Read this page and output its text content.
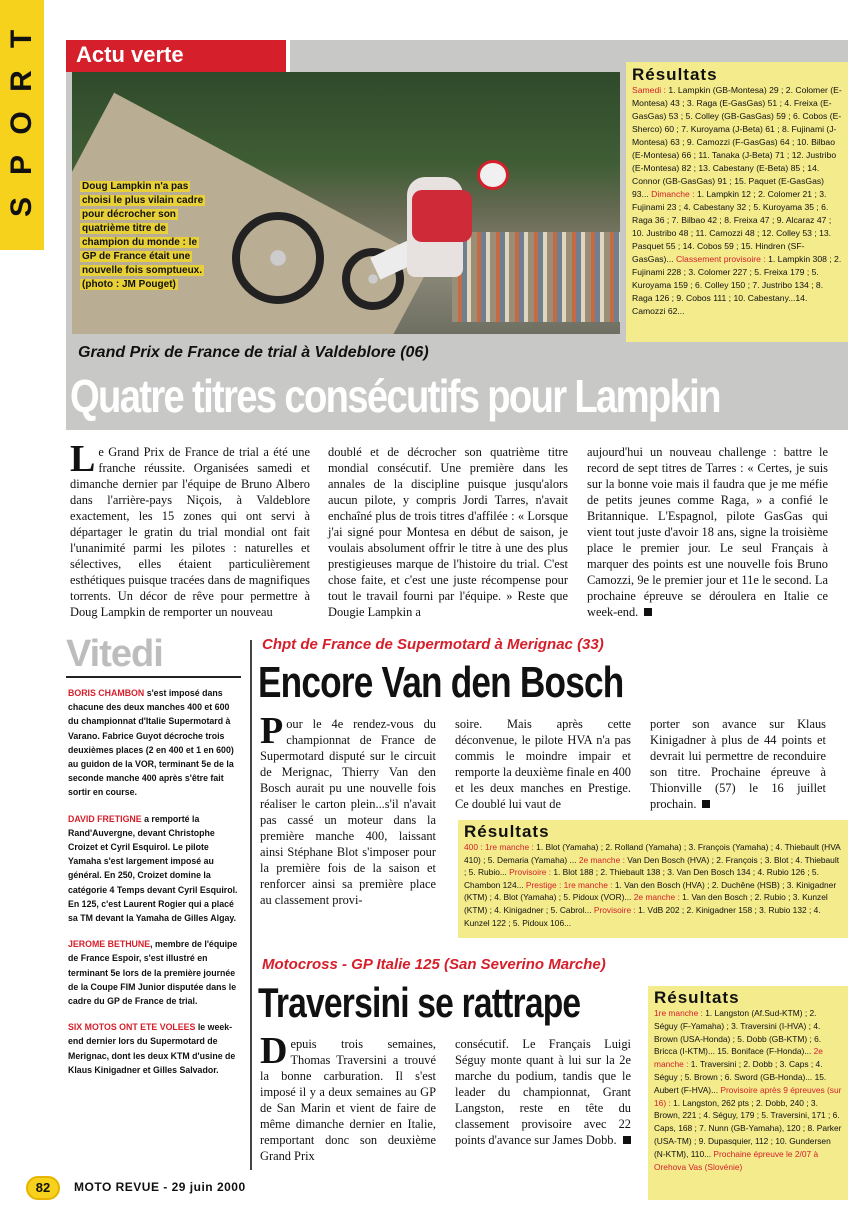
T
R
O
P
S
Actu verte
Doug Lampkin n'a pas choisi le plus vilain cadre pour décrocher son quatrième titre de champion du monde : le GP de France était une nouvelle fois somptueux. (photo : JM Pouget)
Résultats
Samedi : 1. Lampkin (GB-Montesa) 29 ; 2. Colomer (E-Montesa) 43 ; 3. Raga (E-GasGas) 51 ; 4. Freixa (E-GasGas) 53 ; 5. Colley (GB-GasGas) 59 ; 6. Cobos (E-Sherco) 60 ; 7. Kuroyama (J-Beta) 61 ; 8. Fujinami (J-Montesa) 63 ; 9. Camozzi (F-GasGas) 64 ; 10. Bilbao (E-Montesa) 66 ; 11. Tanaka (J-Beta) 71 ; 12. Justribo (E-Montesa) 82 ; 13. Cabestany (E-Beta) 85 ; 14. Connor (GB-GasGas) 91 ; 15. Paquet (E-GasGas) 93... Dimanche : 1. Lampkin 12 ; 2. Colomer 21 ; 3. Fujinami 23 ; 4. Cabestany 32 ; 5. Kuroyama 35 ; 6. Raga 36 ; 7. Bilbao 42 ; 8. Freixa 47 ; 9. Alcaraz 47 ; 10. Justribo 48 ; 11. Camozzi 48 ; 12. Colley 53 ; 13. Pasquet 55 ; 14. Cobos 59 ; 15. Hindren (SF-GasGas)... Classement provisoire : 1. Lampkin 308 ; 2. Fujinami 228 ; 3. Colomer 227 ; 5. Freixa 179 ; 5. Kuroyama 159 ; 6. Colley 150 ; 7. Justribo 134 ; 8. Raga 126 ; 9. Cobos 111 ; 10. Cabestany...14. Camozzi 62...
Grand Prix de France de trial à Valdeblore (06)
Quatre titres consécutifs pour Lampkin
Le Grand Prix de France de trial a été une franche réussite. Organisées samedi et dimanche dernier par l'équipe de Bruno Albero dans l'arrière-pays Niçois, à Valdeblore exactement, les 15 zones qui ont servi à départager le gratin du trial mondial ont fait l'unanimité parmi les pilotes : naturelles et sélectives, elles étaient particulièrement esthétiques puisque tracées dans de magnifiques torrents. Un décor de rêve pour permettre à Doug Lampkin de remporter un nouveau
doublé et de décrocher son quatrième titre mondial consécutif. Une première dans les annales de la discipline puisque jusqu'alors aucun pilote, y compris Jordi Tarres, n'avait enchaîné plus de trois titres d'affilée : « Lorsque j'ai signé pour Montesa en début de saison, je voulais absolument offrir le titre à une des plus prestigieuses marque de l'histoire du trial. C'est chose faite, et c'est une juste récompense pour tout le travail fourni par l'équipe. » Reste que Dougie Lampkin a
aujourd'hui un nouveau challenge : battre le record de sept titres de Tarres : « Certes, je suis sur la bonne voie mais il faudra que je me méfie de petits jeunes comme Raga, » a confié le Britannique. L'Espagnol, pilote GasGas qui vient tout juste d'avoir 18 ans, signe la troisième place le premier jour. Le seul Français à marquer des points est une nouvelle fois Bruno Camozzi, 9e le premier jour et 11e le second. La prochaine épreuve se déroulera en Italie ce week-end.
Vitedi

BORIS CHAMBON s'est imposé dans chacune des deux manches 400 et 600 du championnat d'Italie Supermotard à Varano. Fabrice Guyot décroche trois deuxièmes places (2 en 400 et 1 en 600) au guidon de la VOR, terminant 5e de la seconde manche 400 après s'être fait sortir en course.

DAVID FRETIGNE a remporté la Rand'Auvergne, devant Christophe Croizet et Cyril Esquirol. Le pilote Yamaha s'est largement imposé au général. En 250, Croizet domine la catégorie 4 Temps devant Cyril Esquirol. En 125, c'est Laurent Rogier qui a placé sa TM devant la Yamaha de Gilles Algay.

JEROME BETHUNE, membre de l'équipe de France Espoir, s'est illustré en terminant 5e lors de la première journée de la Coupe FIM Junior disputée dans le cadre du GP de France de trial.

SIX MOTOS ONT ETE VOLEES le week-end dernier lors du Supermotard de Merignac, dont les deux KTM d'usine de Klaus Kinigadner et Gilles Salvador.

Chpt de France de Supermotard à Merignac (33)
Encore Van den Bosch
Pour le 4e rendez-vous du championnat de France de Supermotard disputé sur le circuit de Merignac, Thierry Van den Bosch aurait pu une nouvelle fois réaliser le carton plein...s'il n'avait pas cassé un moteur dans la première manche 400, laissant ainsi Stéphane Blot s'imposer pour la première fois de la saison et renforcer ainsi sa première place au classement provi-
soire. Mais après cette déconvenue, le pilote HVA n'a pas commis le moindre impair et remporte la deuxième finale en 400 et les deux manches en Prestige. Ce doublé lui vaut de
porter son avance sur Klaus Kinigadner à plus de 44 points et devrait lui permettre de reconduire son titre. Prochaine épreuve à Thionville (57) le 16 juillet prochain.
Résultats
400 : 1re manche : 1. Blot (Yamaha) ; 2. Rolland (Yamaha) ; 3. François (Yamaha) ; 4. Thiebault (HVA 410) ; 5. Demaria (Yamaha) ... 2e manche : Van Den Bosch (HVA) ; 2. François ; 3. Blot ; 4. Thiebault ; 5. Rubio... Provisoire : 1. Blot 188 ; 2. Thiebault 138 ; 3. Van Den Bosch 134 ; 4. Rubio 126 ; 5. Chambon 124... Prestige : 1re manche : 1. Van den Bosch (HVA) ; 2. Duchêne (HSB) ; 3. Kinigadner (KTM) ; 4. Blot (Yamaha) ; 5. Pidoux (VOR)... 2e manche : 1. Van den Bosch ; 2. Rubio ; 3. Kunzel (KTM) ; 4. Kinigadner ; 5. Cabrol... Provisoire : 1. VdB 202 ; 2. Kinigadner 158 ; 3. Rubio 132 ; 4. Kunzel 122 ; 5. Pidoux 106...
Motocross - GP Italie 125 (San Severino Marche)
Traversini se rattrape
Depuis trois semaines, Thomas Traversini a trouvé la bonne carburation. Il s'est imposé il y a deux semaines au GP de San Marin et vient de faire de même dimanche dernier en Italie, remportant donc son deuxième Grand Prix
consécutif. Le Français Luigi Séguy monte quant à lui sur la 2e marche du podium, tandis que le leader du championnat, Grant Langston, reste en tête du classement provisoire avec 22 points d'avance sur James Dobb.
Résultats
1re manche : 1. Langston (Af.Sud-KTM) ; 2. Séguy (F-Yamaha) ; 3. Traversini (I-HVA) ; 4. Brown (USA-Honda) ; 5. Dobb (GB-KTM) ; 6. Bricca (I-KTM)... 15. Boniface (F-Honda)... 2e manche : 1. Traversini ; 2. Dobb ; 3. Caps ; 4. Séguy ; 5. Brown ; 6. Sword (GB-Honda)... 15. Aubert (F-HVA)... Provisoire après 9 épreuves (sur 16) : 1. Langston, 262 pts ; 2. Dobb, 240 ; 3. Brown, 221 ; 4. Séguy, 179 ; 5. Traversini, 171 ; 6. Caps, 168 ; 7. Nunn (GB-Yamaha), 120 ; 8. Parker (USA-TM) ; 9. Dupasquier, 112 ; 10. Gundersen (N-KTM), 110... Prochaine épreuve le 2/07 à Orehova Vas (Slovénie)
82	MOTO REVUE - 29 juin 2000
